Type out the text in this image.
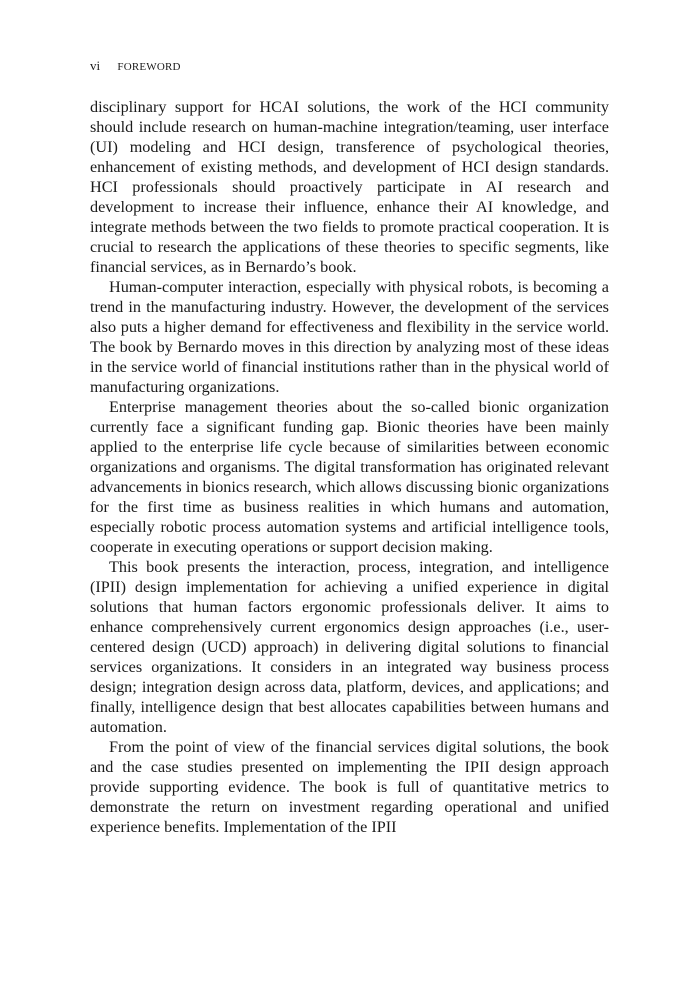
vi FOREWORD

disciplinary support for HCAI solutions, the work of the HCI community should include research on human-machine integration/teaming, user interface (UI) modeling and HCI design, transference of psychological theories, enhancement of existing methods, and development of HCI design standards. HCI professionals should proactively participate in AI research and development to increase their influence, enhance their AI knowledge, and integrate methods between the two fields to promote practical cooperation. It is crucial to research the applications of these theories to specific segments, like financial services, as in Bernardo’s book.

Human-computer interaction, especially with physical robots, is becoming a trend in the manufacturing industry. However, the development of the services also puts a higher demand for effectiveness and flexibility in the service world. The book by Bernardo moves in this direction by analyzing most of these ideas in the service world of financial institutions rather than in the physical world of manufacturing organizations.

Enterprise management theories about the so-called bionic organization currently face a significant funding gap. Bionic theories have been mainly applied to the enterprise life cycle because of similarities between economic organizations and organisms. The digital transformation has originated relevant advancements in bionics research, which allows discussing bionic organizations for the first time as business realities in which humans and automation, especially robotic process automation systems and artificial intelligence tools, cooperate in executing operations or support decision making.

This book presents the interaction, process, integration, and intelligence (IPII) design implementation for achieving a unified experience in digital solutions that human factors ergonomic professionals deliver. It aims to enhance comprehensively current ergonomics design approaches (i.e., user-centered design (UCD) approach) in delivering digital solutions to financial services organizations. It considers in an integrated way business process design; integration design across data, platform, devices, and applications; and finally, intelligence design that best allocates capabilities between humans and automation.

From the point of view of the financial services digital solutions, the book and the case studies presented on implementing the IPII design approach provide supporting evidence. The book is full of quantitative metrics to demonstrate the return on investment regarding operational and unified experience benefits. Implementation of the IPII
